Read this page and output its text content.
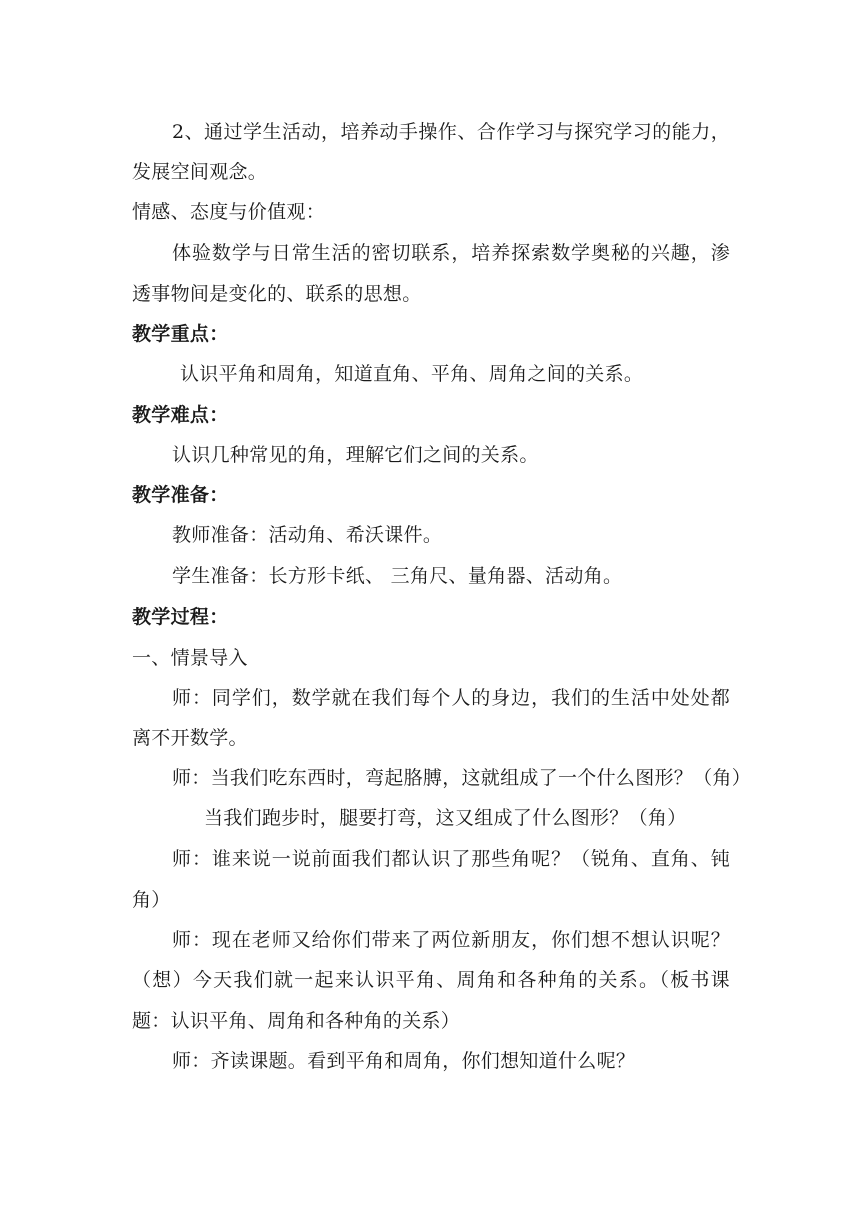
2、通过学生活动，培养动手操作、合作学习与探究学习的能力，
发展空间观念。
情感、态度与价值观：
体验数学与日常生活的密切联系，培养探索数学奥秘的兴趣，渗
透事物间是变化的、联系的思想。
教学重点：
认识平角和周角，知道直角、平角、周角之间的关系。
教学难点：
认识几种常见的角，理解它们之间的关系。
教学准备：
教师准备：活动角、希沃课件。
学生准备：长方形卡纸、 三角尺、量角器、活动角。
教学过程：
一、情景导入
师：同学们，数学就在我们每个人的身边，我们的生活中处处都
离不开数学。
师：当我们吃东西时，弯起胳膊，这就组成了一个什么图形？（角）
当我们跑步时，腿要打弯，这又组成了什么图形？（角）
师：谁来说一说前面我们都认识了那些角呢？（锐角、直角、钝
角）
师：现在老师又给你们带来了两位新朋友，你们想不想认识呢？
（想）今天我们就一起来认识平角、周角和各种角的关系。（板书课
题：认识平角、周角和各种角的关系）
师：齐读课题。看到平角和周角，你们想知道什么呢？
